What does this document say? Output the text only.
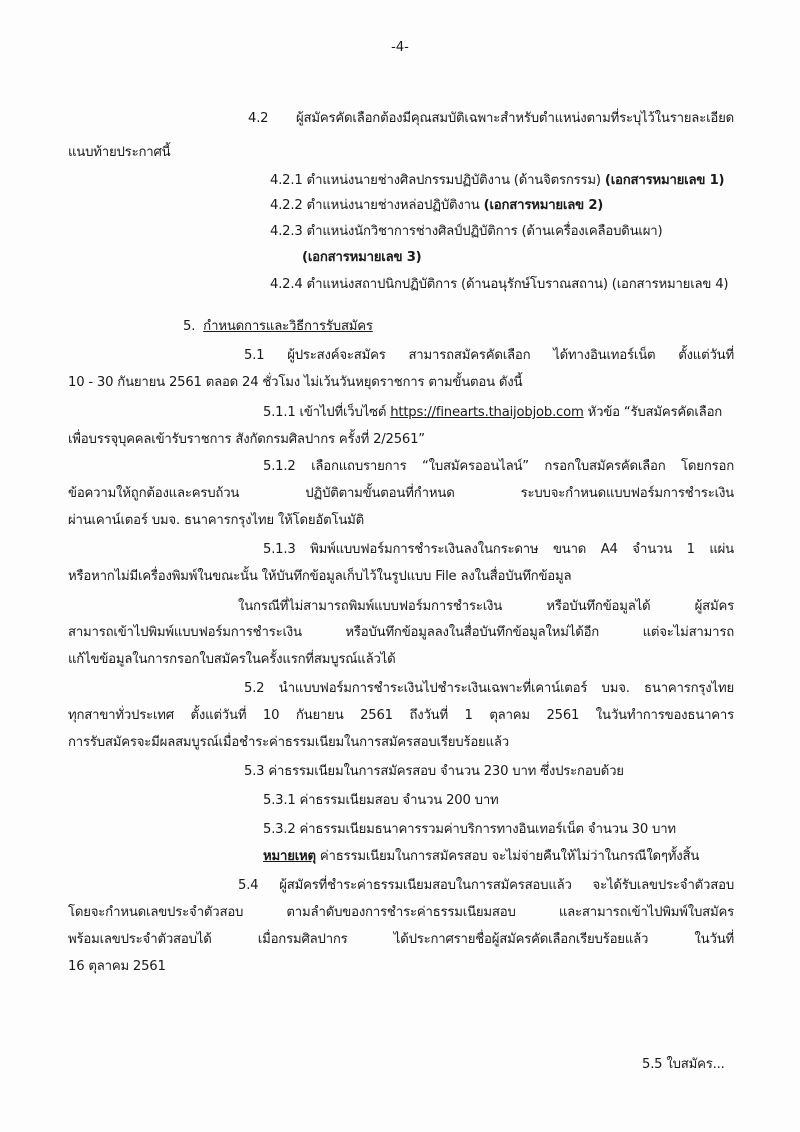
-4-
4.2 ผู้สมัครคัดเลือกต้องมีคุณสมบัติเฉพาะสำหรับตำแหน่งตามที่ระบุไว้ในรายละเอียด
แนบท้ายประกาศนี้
4.2.1 ตำแหน่งนายช่างศิลปกรรมปฏิบัติงาน (ด้านจิตรกรรม) (เอกสารหมายเลข 1)
4.2.2 ตำแหน่งนายช่างหล่อปฏิบัติงาน (เอกสารหมายเลข 2)
4.2.3 ตำแหน่งนักวิชาการช่างศิลป์ปฏิบัติการ (ด้านเครื่องเคลือบดินเผา)
(เอกสารหมายเลข 3)
4.2.4 ตำแหน่งสถาปนิกปฏิบัติการ (ด้านอนุรักษ์โบราณสถาน) (เอกสารหมายเลข 4)
5. กำหนดการและวิธีการรับสมัคร
5.1 ผู้ประสงค์จะสมัคร สามารถสมัครคัดเลือก ได้ทางอินเทอร์เน็ต ตั้งแต่วันที่
10 - 30 กันยายน 2561 ตลอด 24 ชั่วโมง ไม่เว้นวันหยุดราชการ ตามขั้นตอน ดังนี้
5.1.1 เข้าไปที่เว็บไซต์ https://finearts.thaijobjob.com หัวข้อ “รับสมัครคัดเลือก
เพื่อบรรจุบุคคลเข้ารับราชการ สังกัดกรมศิลปากร ครั้งที่ 2/2561”
5.1.2 เลือกแถบรายการ “ใบสมัครออนไลน์” กรอกใบสมัครคัดเลือก โดยกรอก
ข้อความให้ถูกต้องและครบถ้วน ปฏิบัติตามขั้นตอนที่กำหนด ระบบจะกำหนดแบบฟอร์มการชำระเงิน
ผ่านเคาน์เตอร์ บมจ. ธนาคารกรุงไทย ให้โดยอัตโนมัติ
5.1.3 พิมพ์แบบฟอร์มการชำระเงินลงในกระดาษ ขนาด A4 จำนวน 1 แผ่น
หรือหากไม่มีเครื่องพิมพ์ในขณะนั้น ให้บันทึกข้อมูลเก็บไว้ในรูปแบบ File ลงในสื่อบันทึกข้อมูล
ในกรณีที่ไม่สามารถพิมพ์แบบฟอร์มการชำระเงิน หรือบันทึกข้อมูลได้ ผู้สมัคร
สามารถเข้าไปพิมพ์แบบฟอร์มการชำระเงิน หรือบันทึกข้อมูลลงในสื่อบันทึกข้อมูลใหม่ได้อีก แต่จะไม่สามารถ
แก้ไขข้อมูลในการกรอกใบสมัครในครั้งแรกที่สมบูรณ์แล้วได้
5.2 นำแบบฟอร์มการชำระเงินไปชำระเงินเฉพาะที่เคาน์เตอร์ บมจ. ธนาคารกรุงไทย
ทุกสาขาทั่วประเทศ ตั้งแต่วันที่ 10 กันยายน 2561 ถึงวันที่ 1 ตุลาคม 2561 ในวันทำการของธนาคาร
การรับสมัครจะมีผลสมบูรณ์เมื่อชำระค่าธรรมเนียมในการสมัครสอบเรียบร้อยแล้ว
5.3 ค่าธรรมเนียมในการสมัครสอบ จำนวน 230 บาท ซึ่งประกอบด้วย
5.3.1 ค่าธรรมเนียมสอบ จำนวน 200 บาท
5.3.2 ค่าธรรมเนียมธนาคารรวมค่าบริการทางอินเทอร์เน็ต จำนวน 30 บาท
หมายเหตุ ค่าธรรมเนียมในการสมัครสอบ จะไม่จ่ายคืนให้ไม่ว่าในกรณีใดๆทั้งสิ้น
5.4 ผู้สมัครที่ชำระค่าธรรมเนียมสอบในการสมัครสอบแล้ว จะได้รับเลขประจำตัวสอบ
โดยจะกำหนดเลขประจำตัวสอบ ตามลำดับของการชำระค่าธรรมเนียมสอบ และสามารถเข้าไปพิมพ์ใบสมัคร
พร้อมเลขประจำตัวสอบได้ เมื่อกรมศิลปากร ได้ประกาศรายชื่อผู้สมัครคัดเลือกเรียบร้อยแล้ว ในวันที่
16 ตุลาคม 2561
5.5 ใบสมัคร...
